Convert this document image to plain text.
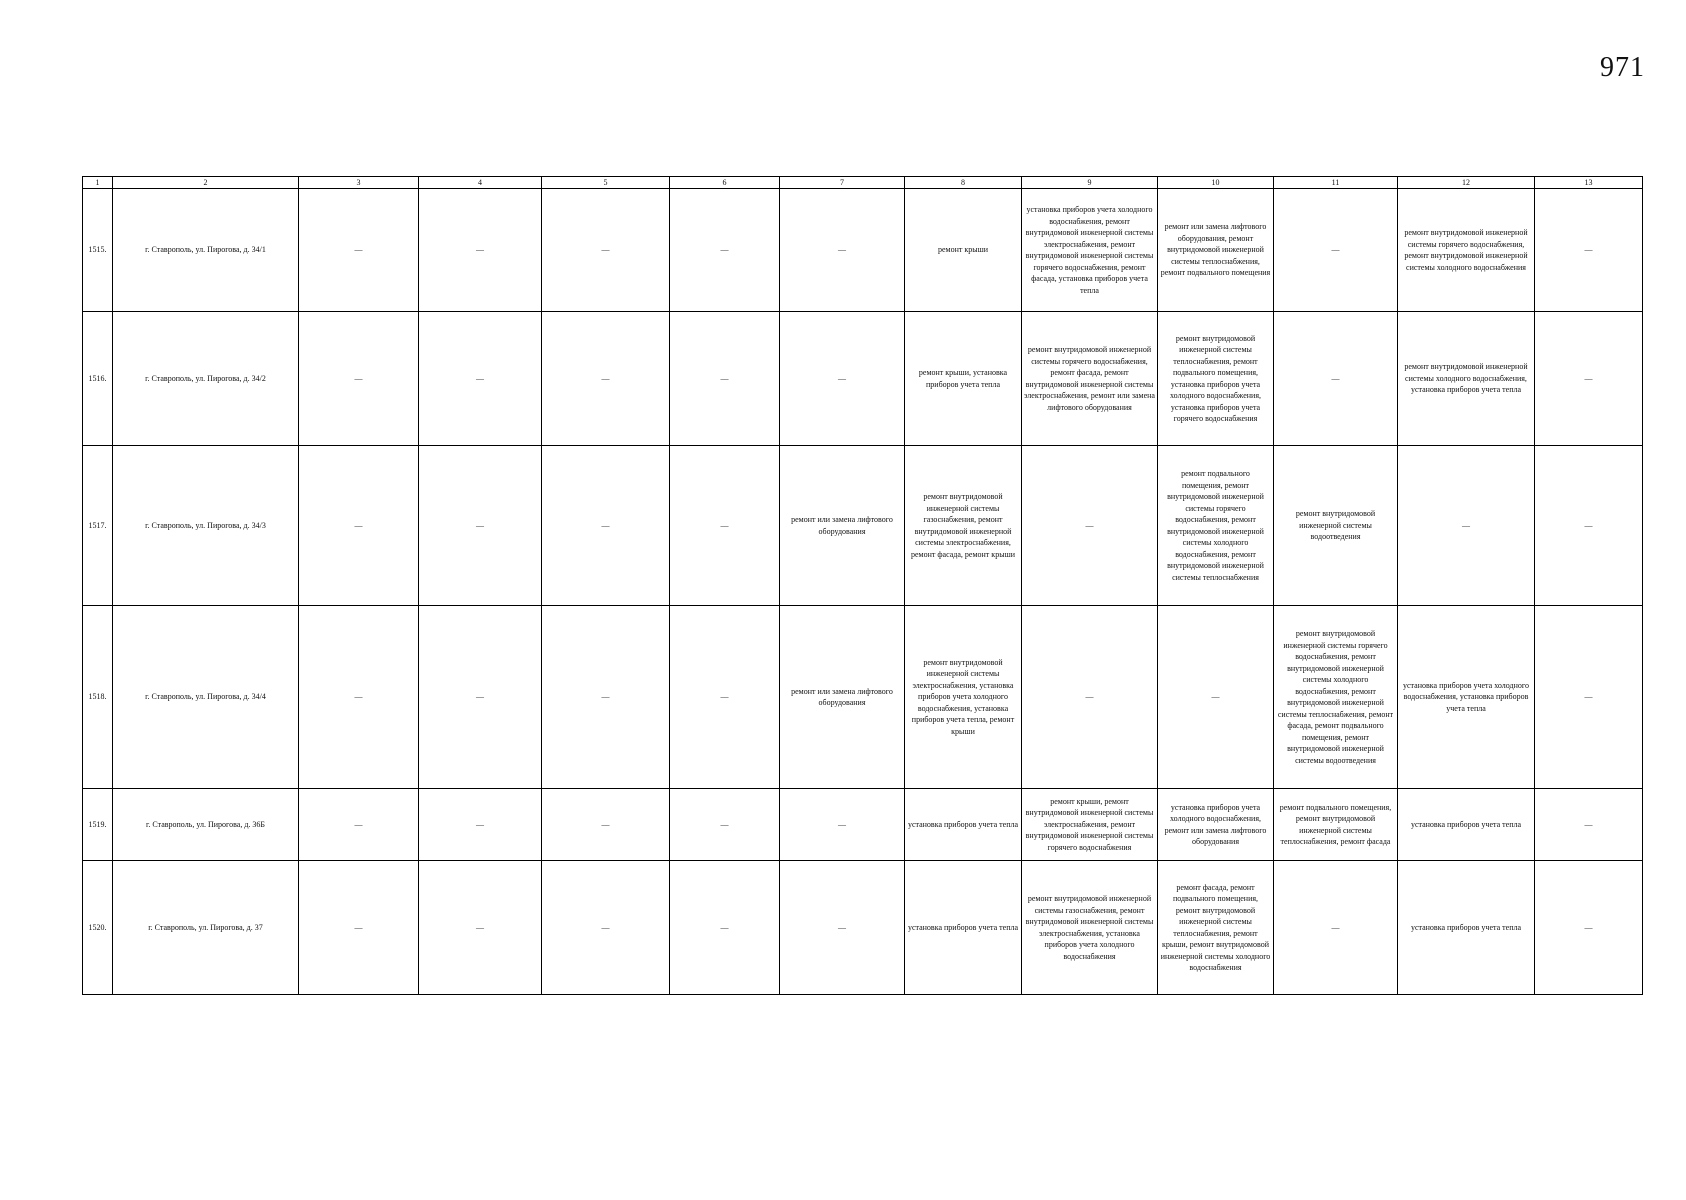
971
1	2	3	4	5	6	7	8	9	10	11	12	13
1515.	г. Ставрополь, ул. Пирогова, д. 34/1	—	—	—	—	—	ремонт крыши	установка приборов учета холодного водоснабжения, ремонт внутридомовой инженерной системы электроснабжения, ремонт внутридомовой инженерной системы горячего водоснабжения, ремонт фасада, установка приборов учета тепла	ремонт или замена лифтового оборудования, ремонт внутридомовой инженерной системы теплоснабжения, ремонт подвального помещения	—	ремонт внутридомовой инженерной системы горячего водоснабжения, ремонт внутридомовой инженерной системы холодного водоснабжения	—
1516.	г. Ставрополь, ул. Пирогова, д. 34/2	—	—	—	—	—	ремонт крыши, установка приборов учета тепла	ремонт внутридомовой инженерной системы горячего водоснабжения, ремонт фасада, ремонт внутридомовой инженерной системы электроснабжения, ремонт или замена лифтового оборудования	ремонт внутридомовой инженерной системы теплоснабжения, ремонт подвального помещения, установка приборов учета холодного водоснабжения, установка приборов учета горячего водоснабжения	—	ремонт внутридомовой инженерной системы холодного водоснабжения, установка приборов учета тепла	—
1517.	г. Ставрополь, ул. Пирогова, д. 34/3	—	—	—	—	ремонт или замена лифтового оборудования	ремонт внутридомовой инженерной системы газоснабжения, ремонт внутридомовой инженерной системы электроснабжения, ремонт фасада, ремонт крыши	—	ремонт подвального помещения, ремонт внутридомовой инженерной системы горячего водоснабжения, ремонт внутридомовой инженерной системы холодного водоснабжения, ремонт внутридомовой инженерной системы теплоснабжения	ремонт внутридомовой инженерной системы водоотведения	—	—
1518.	г. Ставрополь, ул. Пирогова, д. 34/4	—	—	—	—	ремонт или замена лифтового оборудования	ремонт внутридомовой инженерной системы электроснабжения, установка приборов учета холодного водоснабжения, установка приборов учета тепла, ремонт крыши	—	—	ремонт внутридомовой инженерной системы горячего водоснабжения, ремонт внутридомовой инженерной системы холодного водоснабжения, ремонт внутридомовой инженерной системы теплоснабжения, ремонт фасада, ремонт подвального помещения, ремонт внутридомовой инженерной системы водоотведения	установка приборов учета холодного водоснабжения, установка приборов учета тепла	—
1519.	г. Ставрополь, ул. Пирогова, д. 36Б	—	—	—	—	—	установка приборов учета тепла	ремонт крыши, ремонт внутридомовой инженерной системы электроснабжения, ремонт внутридомовой инженерной системы горячего водоснабжения	установка приборов учета холодного водоснабжения, ремонт или замена лифтового оборудования	ремонт подвального помещения, ремонт внутридомовой инженерной системы теплоснабжения, ремонт фасада	установка приборов учета тепла	—
1520.	г. Ставрополь, ул. Пирогова, д. 37	—	—	—	—	—	установка приборов учета тепла	ремонт внутридомовой инженерной системы газоснабжения, ремонт внутридомовой инженерной системы электроснабжения, установка приборов учета холодного водоснабжения	ремонт фасада, ремонт подвального помещения, ремонт внутридомовой инженерной системы теплоснабжения, ремонт крыши, ремонт внутридомовой инженерной системы холодного водоснабжения	—	установка приборов учета тепла	—
